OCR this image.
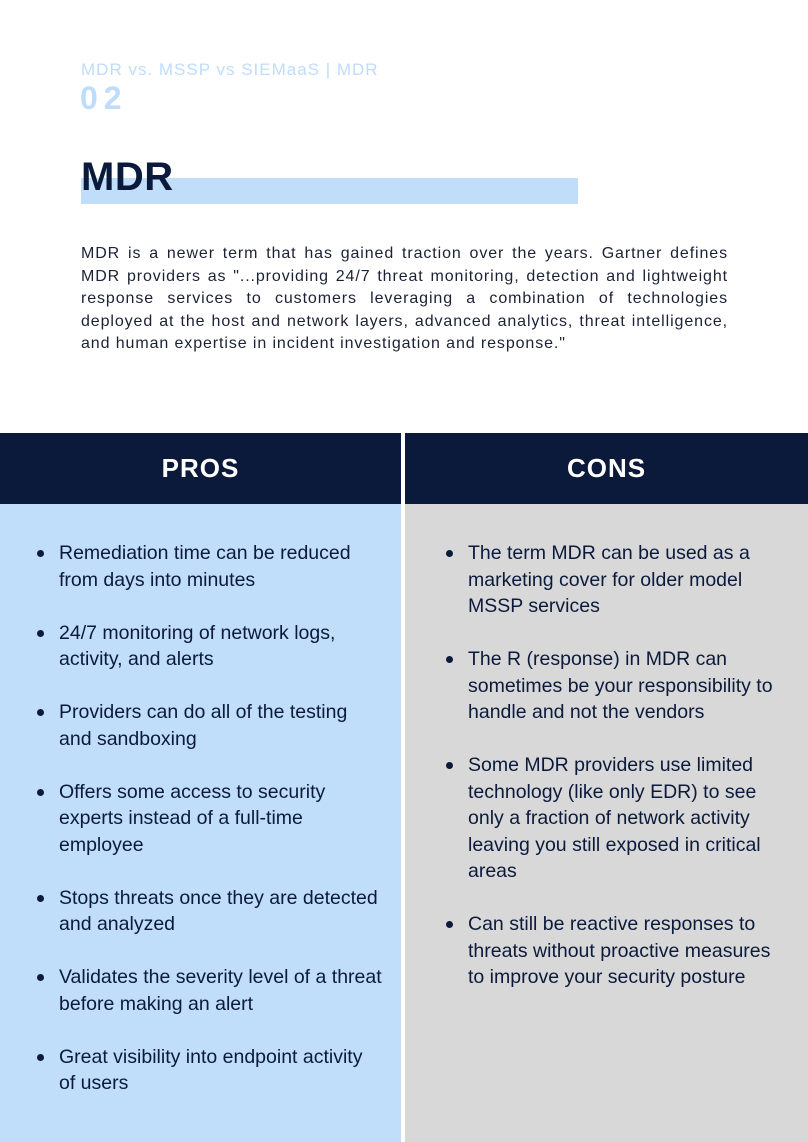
MDR vs. MSSP vs SIEMaaS | MDR
02
MDR

MDR is a newer term that has gained traction over the years. Gartner defines MDR providers as "...providing 24/7 threat monitoring, detection and lightweight response services to customers leveraging a combination of technologies deployed at the host and network layers, advanced analytics, threat intelligence, and human expertise in incident investigation and response."

PROS	CONS
Remediation time can be reduced from days into minutes
24/7 monitoring of network logs, activity, and alerts
Providers can do all of the testing and sandboxing
Offers some access to security experts instead of a full-time employee
Stops threats once they are detected and analyzed
Validates the severity level of a threat before making an alert
Great visibility into endpoint activity of users
The term MDR can be used as a marketing cover for older model MSSP services
The R (response) in MDR can sometimes be your responsibility to handle and not the vendors
Some MDR providers use limited technology (like only EDR) to see only a fraction of network activity leaving you still exposed in critical areas
Can still be reactive responses to threats without proactive measures to improve your security posture
